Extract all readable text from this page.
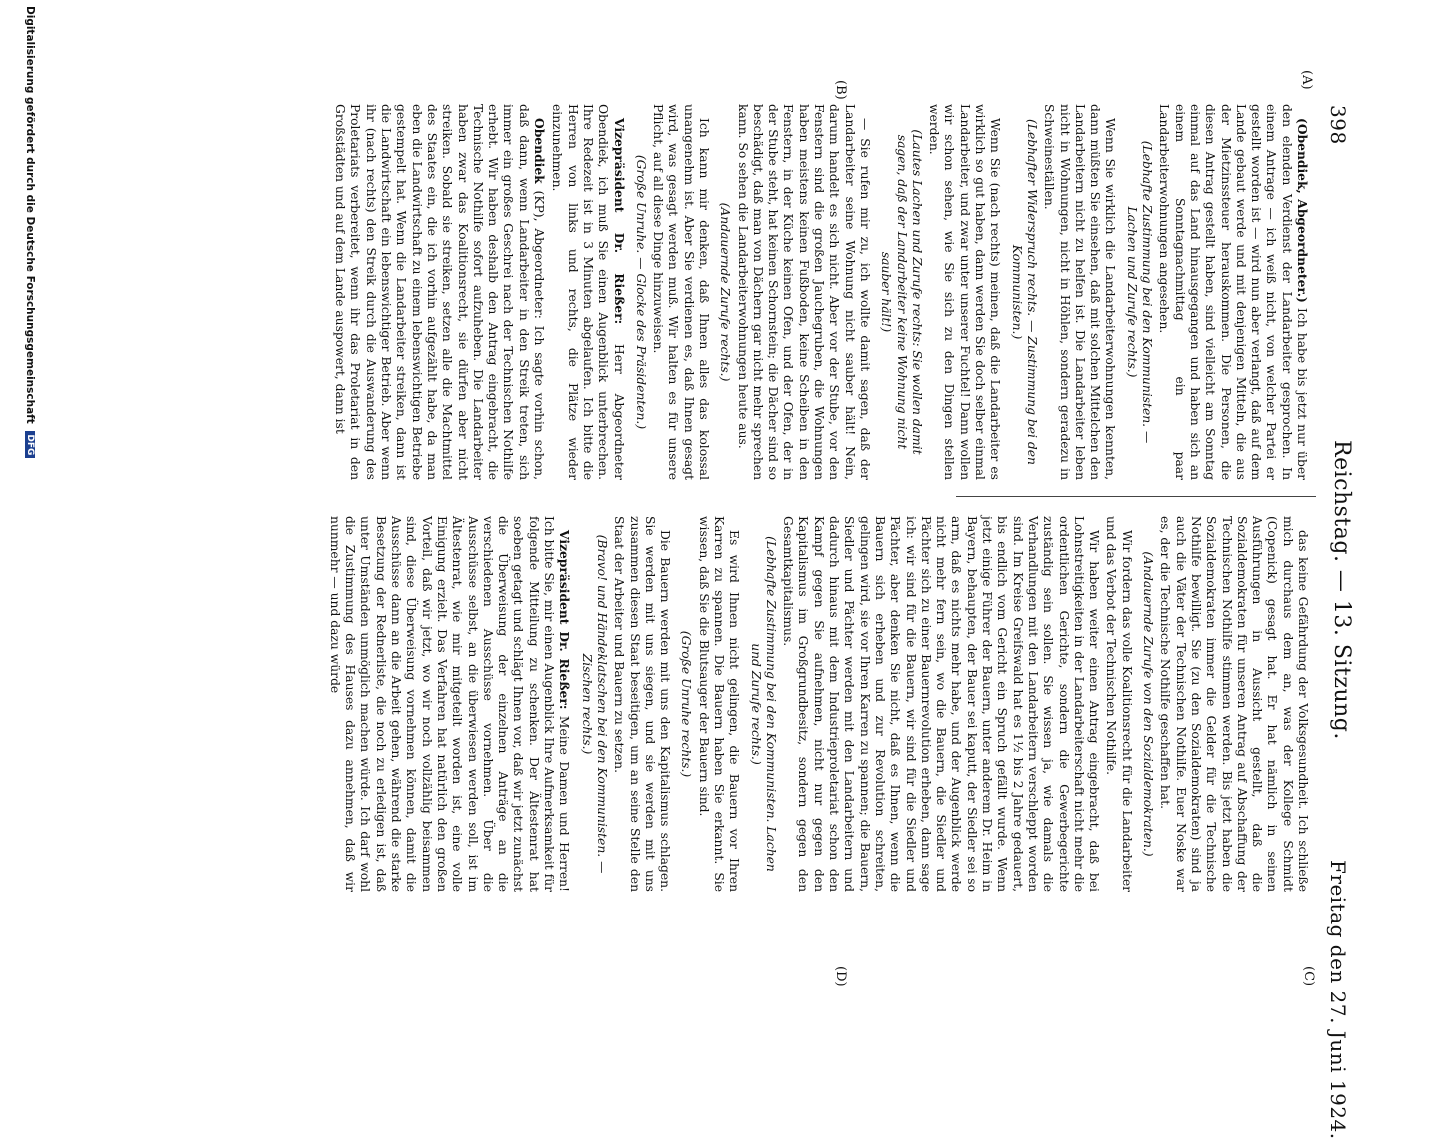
398
Reichstag. — 13. Sitzung.
Freitag den 27. Juni 1924.
(A)
(B)
(C)
(D)

(Obendiek, Abgeordneter.) Ich habe bis jetzt nur über den elenden Verdienst der Landarbeiter gesprochen. In einem Antrage — ich weiß nicht, von welcher Partei er gestellt worden ist — wird nun aber verlangt, daß auf dem Lande gebaut werde und mit denjenigen Mitteln, die aus der Mietzinssteuer herauskommen. Die Personen, die diesen Antrag gestellt haben, sind vielleicht am Sonntag einmal auf das Land hinausgegangen und haben sich an einem Sonntagnachmittag ein paar Landarbeiterwohnungen angesehen.

(Lebhafte Zustimmung bei den Kommunisten. — Lachen und Zurufe rechts.)

Wenn Sie wirklich die Landarbeiterwohnungen kennten, dann müßten Sie einsehen, daß mit solchen Mittelchen den Landarbeitern nicht zu helfen ist. Die Landarbeiter leben nicht in Wohnungen, nicht in Höhlen, sondern geradezu in Schweineställen.

(Lebhafter Widerspruch rechts. — Zustimmung bei den Kommunisten.)

Wenn Sie (nach rechts) meinen, daß die Landarbeiter es wirklich so gut haben, dann werden Sie doch selber einmal Landarbeiter, und zwar unter unserer Fuchtel! Dann wollen wir schon sehen, wie Sie sich zu den Dingen stellen werden.

(Lautes Lachen und Zurufe rechts: Sie wollen damit sagen, daß der Landarbeiter keine Wohnung nicht sauber hält!)

— Sie rufen mir zu, ich wollte damit sagen, daß der Landarbeiter seine Wohnung nicht sauber hält! Nein, darum handelt es sich nicht. Aber vor der Stube, vor den Fenstern sind die großen Jauchegruben, die Wohnungen haben meistens keinen Fußboden, keine Scheiben in den Fenstern, in der Küche keinen Ofen, und der Ofen, der in der Stube steht, hat keinen Schornstein; die Dächer sind so beschädigt, daß man von Dächern gar nicht mehr sprechen kann. So sehen die Landarbeiterwohnungen heute aus.

(Andauernde Zurufe rechts.)

Ich kann mir denken, daß Ihnen alles das kolossal unangenehm ist. Aber Sie verdienen es, daß Ihnen gesagt wird, was gesagt werden muß. Wir halten es für unsere Pflicht, auf all diese Dinge hinzuweisen.

(Große Unruhe. — Glocke des Präsidenten.)

Vizepräsident Dr. Rießer: Herr Abgeordneter Obendiek, ich muß Sie einen Augenblick unterbrechen. Ihre Redezeit ist in 3 Minuten abgelaufen. Ich bitte die Herren von links und rechts, die Plätze wieder einzunehmen.

Obendiek (KP), Abgeordneter: Ich sagte vorhin schon, daß dann, wenn Landarbeiter in den Streik treten, sich immer ein großes Geschrei nach der Technischen Nothilfe erhebt. Wir haben deshalb den Antrag eingebracht, die Technische Nothilfe sofort aufzuheben. Die Landarbeiter haben zwar das Koalitionsrecht, sie dürfen aber nicht streiken. Sobald sie streiken, setzen alle die Machtmittel des Staates ein, die ich vorhin aufgezählt habe, da man eben die Landwirtschaft zu einem lebenswichtigen Betriebe gestempelt hat. Wenn die Landarbeiter streiken, dann ist die Landwirtschaft ein lebenswichtiger Betrieb. Aber wenn ihr (nach rechts) den Streik durch die Auswanderung des Proletariats verbereitet, wenn ihr das Proletariat in den Großstädten und auf dem Lande auspowert, dann ist

das keine Gefährdung der Volksgesundheit. Ich schließe mich durchaus dem an, was der Kollege Schmidt (Copenick) gesagt hat. Er hat nämlich in seinen Ausführungen in Aussicht gestellt, daß die Sozialdemokraten für unseren Antrag auf Abschaffung der Technischen Nothilfe stimmen werden. Bis jetzt haben die Sozialdemokraten immer die Gelder für die Technische Nothilfe bewilligt. Sie (zu den Sozialdemokraten) sind ja auch die Väter der Technischen Nothilfe. Euer Noske war es, der die Technische Nothilfe geschaffen hat.

(Andauernde Zurufe von den Sozialdemokraten.)

Wir fordern das volle Koalitionsrecht für die Landarbeiter und das Verbot der Technischen Nothilfe.

Wir haben weiter einen Antrag eingebracht, daß bei Lohnstreitigkeiten in der Landarbeiterschaft nicht mehr die ordentlichen Gerichte, sondern die Gewerbegerichte zuständig sein sollen. Sie wissen ja, wie damals die Verhandlungen mit den Landarbeitern verschleppt worden sind. Im Kreise Greifswald hat es 1½ bis 2 Jahre gedauert, bis endlich vom Gericht ein Spruch gefällt wurde. Wenn jetzt einige Führer der Bauern, unter anderem Dr. Heim in Bayern, behaupten, der Bauer sei kaputt, der Siedler sei so arm, daß es nichts mehr habe, und der Augenblick werde nicht mehr fern sein, wo die Bauern, die Siedler und Pächter sich zu einer Bauernrevolution erheben, dann sage ich: wir sind für die Bauern, wir sind für die Siedler und Pächter, aber denken Sie nicht, daß es Ihnen, wenn die Bauern sich erheben und zur Revolution schreiten, gelingen wird, sie vor Ihren Karren zu spannen; die Bauern, Siedler und Pächter werden mit den Landarbeitern und dadurch hinaus mit dem Industrieproletariat schon den Kampf gegen Sie aufnehmen, nicht nur gegen den Kapitalismus im Großgrundbesitz, sondern gegen den Gesamtkapitalismus.

(Lebhafte Zustimmung bei den Kommunisten. Lachen und Zurufe rechts.)

Es wird Ihnen nicht gelingen, die Bauern vor Ihren Karren zu spannen. Die Bauern haben Sie erkannt. Sie wissen, daß Sie die Blutsauger der Bauern sind.

(Große Unruhe rechts.)

Die Bauern werden mit uns den Kapitalismus schlagen. Sie werden mit uns siegen, und sie werden mit uns zusammen diesen Staat beseitigen, um an seine Stelle den Staat der Arbeiter und Bauern zu setzen.

(Bravo! und Händeklatschen bei den Kommunisten. — Zischen rechts.)

Vizepräsident Dr. Rießer: Meine Damen und Herren! Ich bitte Sie, mir einen Augenblick Ihre Aufmerksamkeit für folgende Mitteilung zu schenken. Der Ältestenrat hat soeben getagt und schlägt Ihnen vor, daß wir jetzt zunächst die Überweisung der einzelnen Anträge an die verschiedenen Ausschüsse vornehmen. Über die Ausschüsse selbst, an die überwiesen werden soll, ist im Ältestenrat, wie mir mitgeteilt worden ist, eine volle Einigung erzielt. Das Verfahren hat natürlich den großen Vorteil, daß wir jetzt, wo wir noch vollzählig beisammen sind, diese Überweisung vornehmen können, damit die Ausschüsse dann an die Arbeit gehen, während die starke Besetzung der Rednerliste, die noch zu erledigen ist, daß unter Umständen unmöglich machen würde. Ich darf wohl die Zustimmung des Hauses dazu annehmen, daß wir nunmehr — und dazu würde

Digitalisierung gefördert durch die Deutsche Forschungsgemeinschaft DFG
